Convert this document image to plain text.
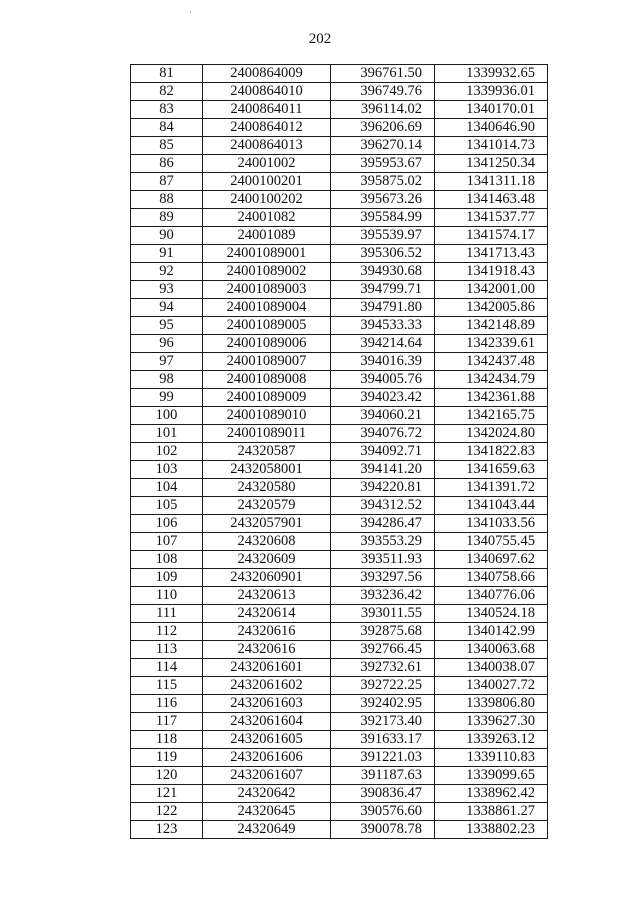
202
81	2400864009	396761.50	1339932.65
82	2400864010	396749.76	1339936.01
83	2400864011	396114.02	1340170.01
84	2400864012	396206.69	1340646.90
85	2400864013	396270.14	1341014.73
86	24001002	395953.67	1341250.34
87	2400100201	395875.02	1341311.18
88	2400100202	395673.26	1341463.48
89	24001082	395584.99	1341537.77
90	24001089	395539.97	1341574.17
91	24001089001	395306.52	1341713.43
92	24001089002	394930.68	1341918.43
93	24001089003	394799.71	1342001.00
94	24001089004	394791.80	1342005.86
95	24001089005	394533.33	1342148.89
96	24001089006	394214.64	1342339.61
97	24001089007	394016.39	1342437.48
98	24001089008	394005.76	1342434.79
99	24001089009	394023.42	1342361.88
100	24001089010	394060.21	1342165.75
101	24001089011	394076.72	1342024.80
102	24320587	394092.71	1341822.83
103	2432058001	394141.20	1341659.63
104	24320580	394220.81	1341391.72
105	24320579	394312.52	1341043.44
106	2432057901	394286.47	1341033.56
107	24320608	393553.29	1340755.45
108	24320609	393511.93	1340697.62
109	2432060901	393297.56	1340758.66
110	24320613	393236.42	1340776.06
111	24320614	393011.55	1340524.18
112	24320616	392875.68	1340142.99
113	24320616	392766.45	1340063.68
114	2432061601	392732.61	1340038.07
115	2432061602	392722.25	1340027.72
116	2432061603	392402.95	1339806.80
117	2432061604	392173.40	1339627.30
118	2432061605	391633.17	1339263.12
119	2432061606	391221.03	1339110.83
120	2432061607	391187.63	1339099.65
121	24320642	390836.47	1338962.42
122	24320645	390576.60	1338861.27
123	24320649	390078.78	1338802.23
